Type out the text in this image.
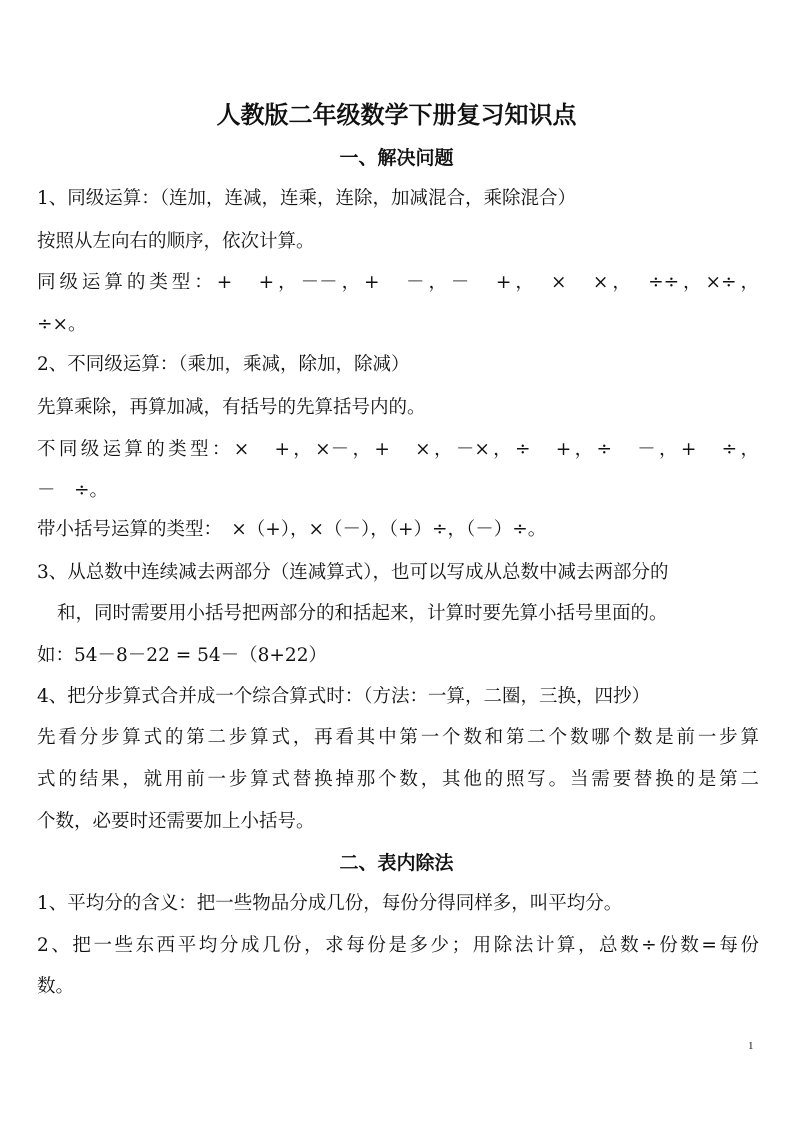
人教版二年级数学下册复习知识点
一、解决问题
1、同级运算：（连加，连减，连乘，连除，加减混合，乘除混合）
按照从左向右的顺序，依次计算。
同级运算的类型：+　+，－－，+　－，－　+，　×　×，　÷÷，×÷，
÷×。
2、不同级运算：（乘加，乘减，除加，除减）
先算乘除，再算加减，有括号的先算括号内的。
不同级运算的类型：×　+，×－，+　×，－×，÷　+，÷　－，+　÷，
－　÷。
带小括号运算的类型：　×（+），×（－），（+）÷，（－）÷。
3、从总数中连续减去两部分（连减算式），也可以写成从总数中减去两部分的
和，同时需要用小括号把两部分的和括起来，计算时要先算小括号里面的。
如：54－8－22 = 54－（8+22）
4、把分步算式合并成一个综合算式时：（方法：一算，二圈，三换，四抄）
先看分步算式的第二步算式，再看其中第一个数和第二个数哪个数是前一步算
式的结果，就用前一步算式替换掉那个数，其他的照写。当需要替换的是第二
个数，必要时还需要加上小括号。
二、表内除法
1、平均分的含义：把一些物品分成几份，每份分得同样多，叫平均分。
2、把一些东西平均分成几份，求每份是多少；用除法计算，总数÷份数=每份
数。
1
